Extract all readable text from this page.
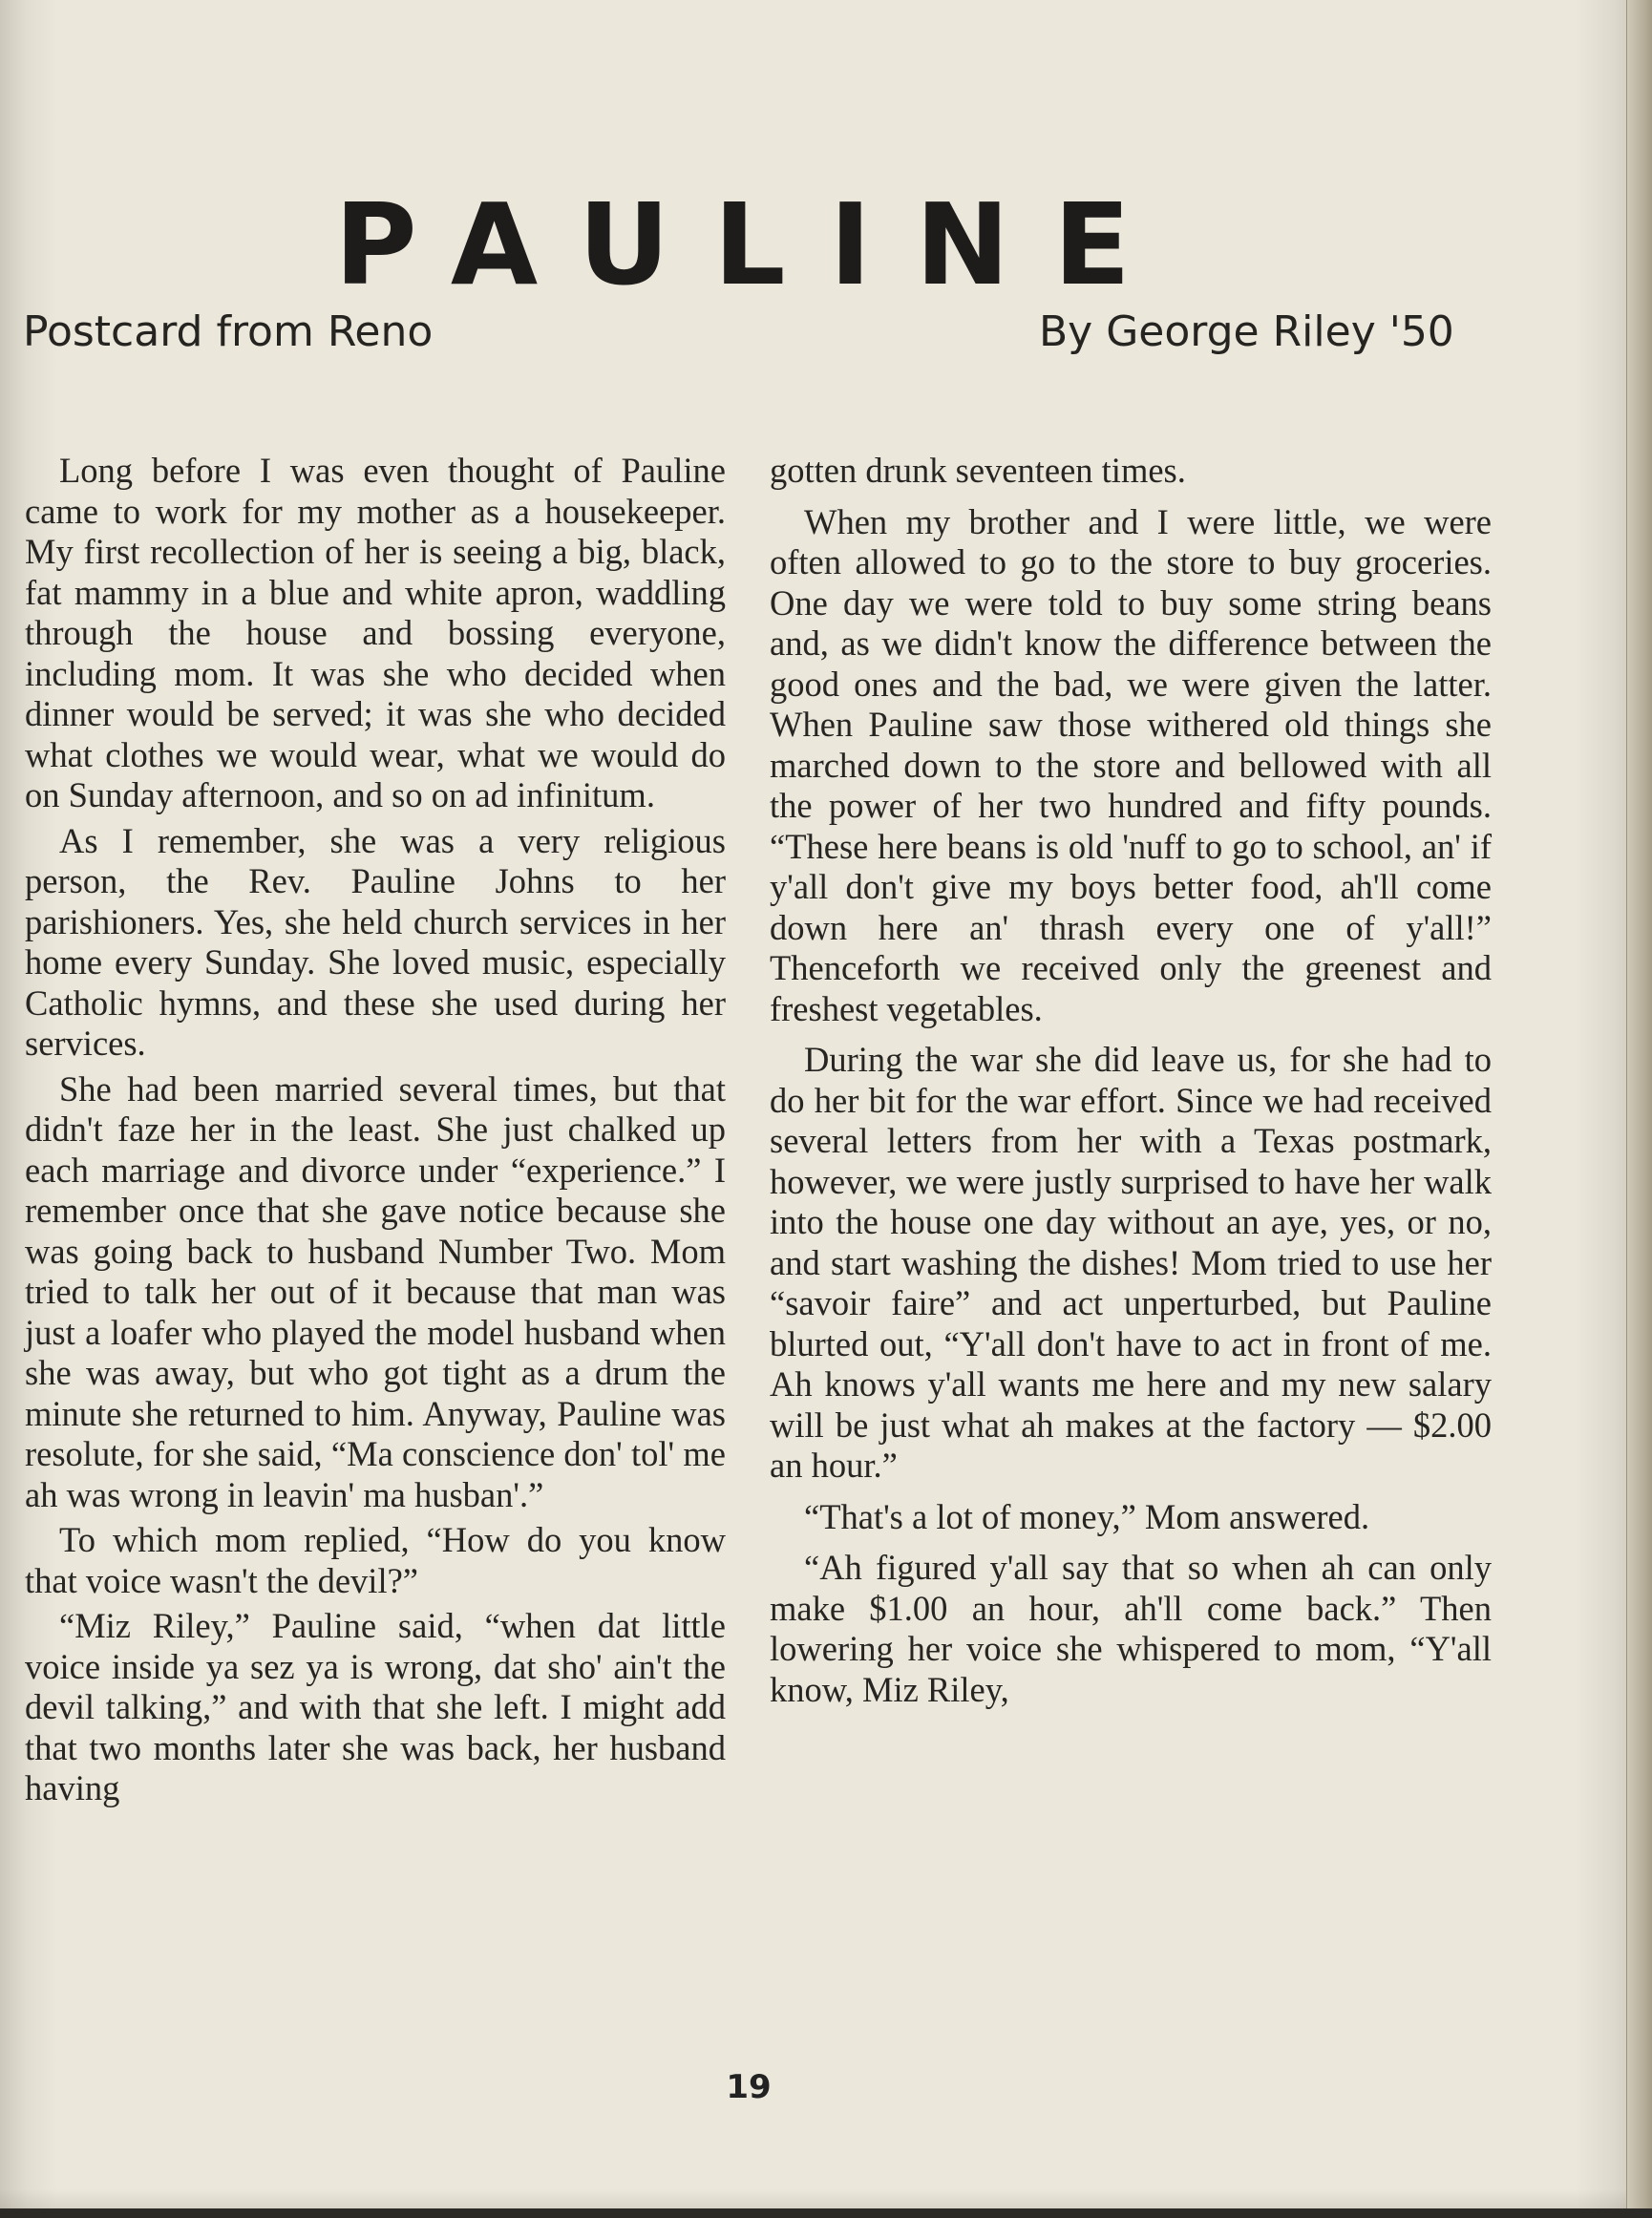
PAULINE
Postcard from Reno	By George Riley '50

Long before I was even thought of Pauline came to work for my mother as a housekeeper. My first recollection of her is seeing a big, black, fat mammy in a blue and white apron, waddling through the house and bossing everyone, including mom. It was she who decided when dinner would be served; it was she who decided what clothes we would wear, what we would do on Sunday afternoon, and so on ad infinitum.

As I remember, she was a very religious person, the Rev. Pauline Johns to her parishioners. Yes, she held church services in her home every Sunday. She loved music, especially Catholic hymns, and these she used during her services.

She had been married several times, but that didn't faze her in the least. She just chalked up each marriage and divorce under “experience.” I remember once that she gave notice because she was going back to husband Number Two. Mom tried to talk her out of it because that man was just a loafer who played the model husband when she was away, but who got tight as a drum the minute she returned to him. Anyway, Pauline was resolute, for she said, “Ma conscience don' tol' me ah was wrong in leavin' ma husban'.”

To which mom replied, “How do you know that voice wasn't the devil?”

“Miz Riley,” Pauline said, “when dat little voice inside ya sez ya is wrong, dat sho' ain't the devil talking,” and with that she left. I might add that two months later she was back, her husband having

gotten drunk seventeen times.

When my brother and I were little, we were often allowed to go to the store to buy groceries. One day we were told to buy some string beans and, as we didn't know the difference between the good ones and the bad, we were given the latter. When Pauline saw those withered old things she marched down to the store and bellowed with all the power of her two hundred and fifty pounds. “These here beans is old 'nuff to go to school, an' if y'all don't give my boys better food, ah'll come down here an' thrash every one of y'all!” Thenceforth we received only the greenest and freshest vegetables.

During the war she did leave us, for she had to do her bit for the war effort. Since we had received several letters from her with a Texas postmark, however, we were justly surprised to have her walk into the house one day without an aye, yes, or no, and start washing the dishes! Mom tried to use her “savoir faire” and act unperturbed, but Pauline blurted out, “Y'all don't have to act in front of me. Ah knows y'all wants me here and my new salary will be just what ah makes at the factory — $2.00 an hour.”

“That's a lot of money,” Mom answered.

“Ah figured y'all say that so when ah can only make $1.00 an hour, ah'll come back.” Then lowering her voice she whispered to mom, “Y'all know, Miz Riley,

19
